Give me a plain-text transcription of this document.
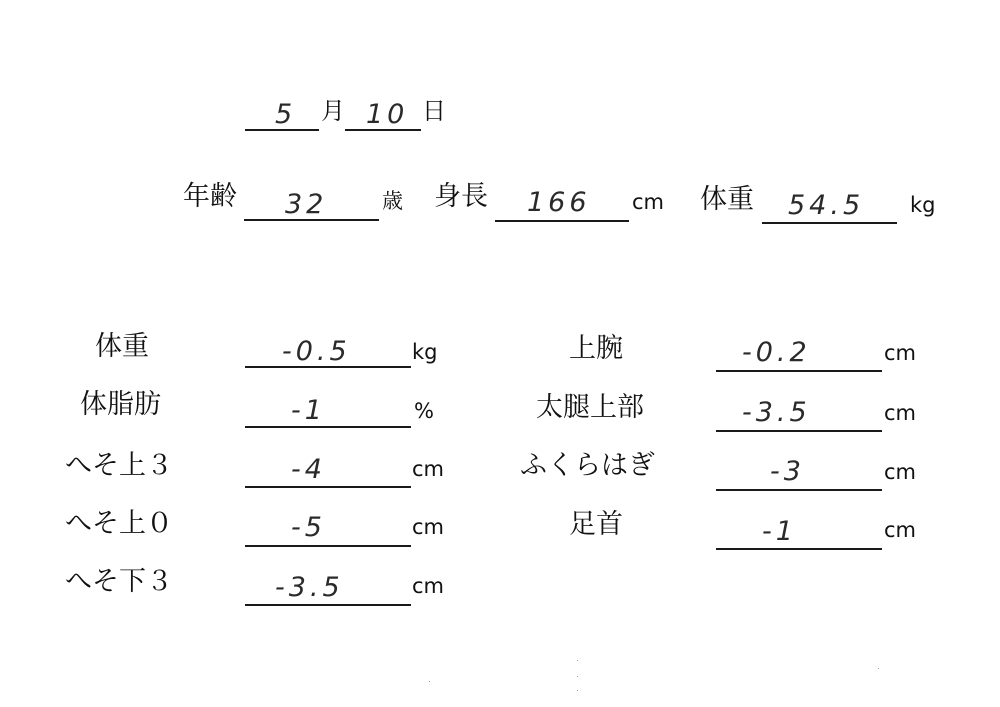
5 月 10 日
年齢 32	歳 身長 166 cm 体重 54.5 kg
体重	-0.5	kg
体脂肪	-1	%
へそ上３	-4	cm
へそ上０	-5	cm
へそ下３	-3.5	cm
上腕	-0.2	cm
太腿上部	-3.5	cm
ふくらはぎ	-3	cm
足首	-1	cm
